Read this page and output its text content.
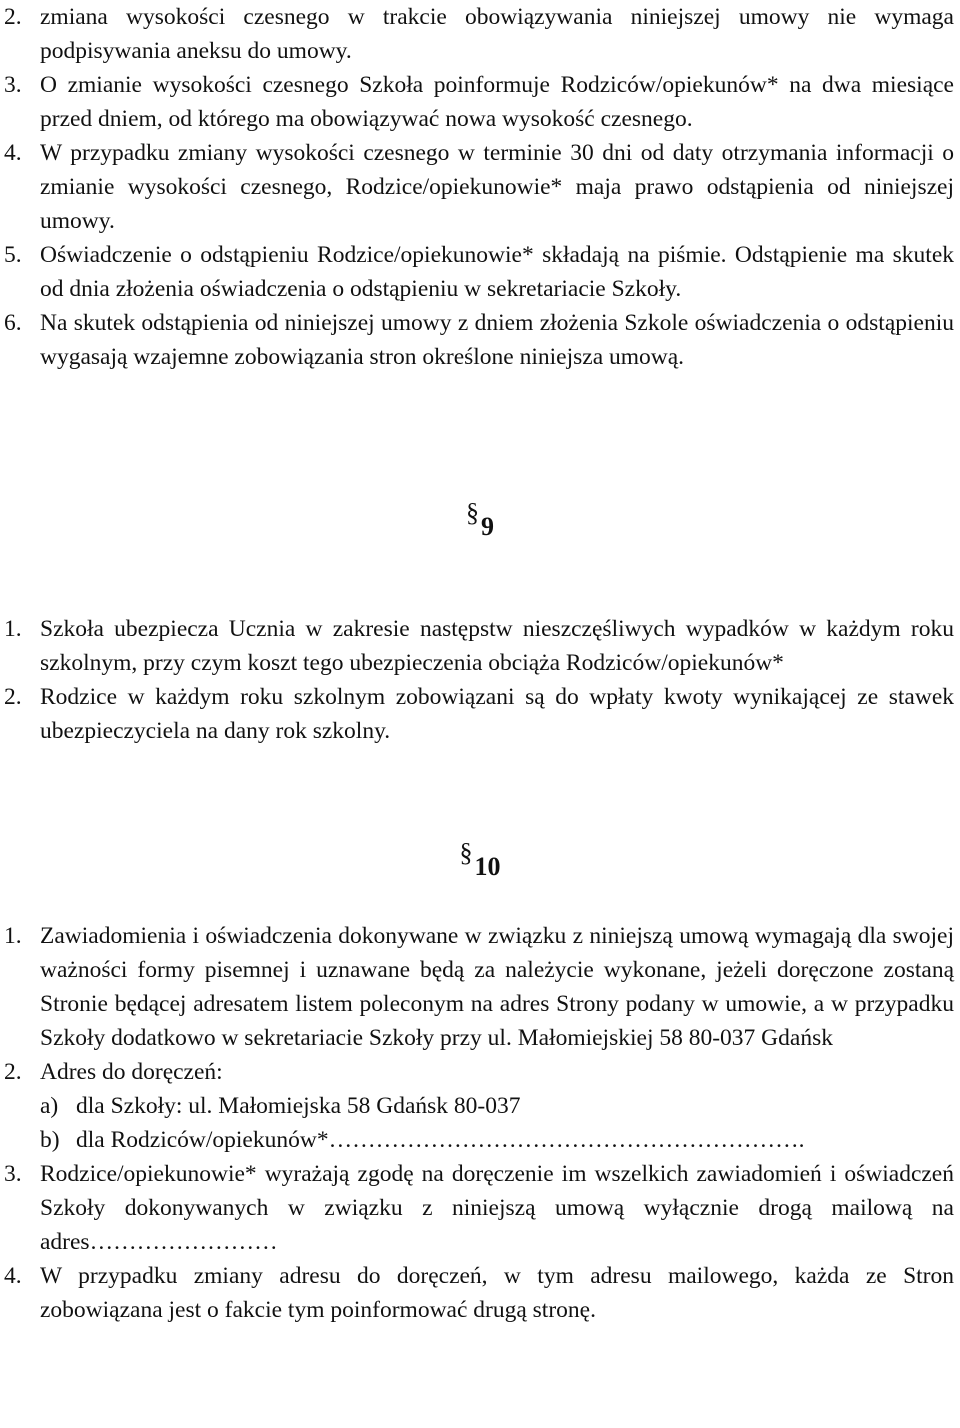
2. zmiana wysokości czesnego w trakcie obowiązywania niniejszej umowy nie wymaga podpisywania aneksu do umowy.
3. O zmianie wysokości czesnego Szkoła poinformuje Rodziców/opiekunów* na dwa miesiące przed dniem, od którego ma obowiązywać nowa wysokość czesnego.
4. W przypadku zmiany wysokości czesnego w terminie 30 dni od daty otrzymania informacji o zmianie wysokości czesnego, Rodzice/opiekunowie* maja prawo odstąpienia od niniejszej umowy.
5. Oświadczenie o odstąpieniu Rodzice/opiekunowie* składają na piśmie. Odstąpienie ma skutek od dnia złożenia oświadczenia o odstąpieniu w sekretariacie Szkoły.
6. Na skutek odstąpienia od niniejszej umowy z dniem złożenia Szkole oświadczenia o odstąpieniu wygasają wzajemne zobowiązania stron określone niniejsza umową.
§9
1. Szkoła ubezpiecza Ucznia w zakresie następstw nieszczęśliwych wypadków w każdym roku szkolnym, przy czym koszt tego ubezpieczenia obciąża Rodziców/opiekunów*
2. Rodzice w każdym roku szkolnym zobowiązani są do wpłaty kwoty wynikającej ze stawek ubezpieczyciela na dany rok szkolny.
§10
1. Zawiadomienia i oświadczenia dokonywane w związku z niniejszą umową wymagają dla swojej ważności formy pisemnej i uznawane będą za należycie wykonane, jeżeli doręczone zostaną Stronie będącej adresatem listem poleconym na adres Strony podany w umowie, a w przypadku Szkoły dodatkowo w sekretariacie Szkoły przy ul. Małomiejskiej 58 80-037 Gdańsk
2. Adres do doręczeń:
a) dla Szkoły: ul. Małomiejska 58 Gdańsk 80-037
b) dla Rodziców/opiekunów*…………………………………………………….
3. Rodzice/opiekunowie* wyrażają zgodę na doręczenie im wszelkich zawiadomień i oświadczeń Szkoły dokonywanych w związku z niniejszą umową wyłącznie drogą mailową na adres……………………
4. W przypadku zmiany adresu do doręczeń, w tym adresu mailowego, każda ze Stron zobowiązana jest o fakcie tym poinformować drugą stronę.
